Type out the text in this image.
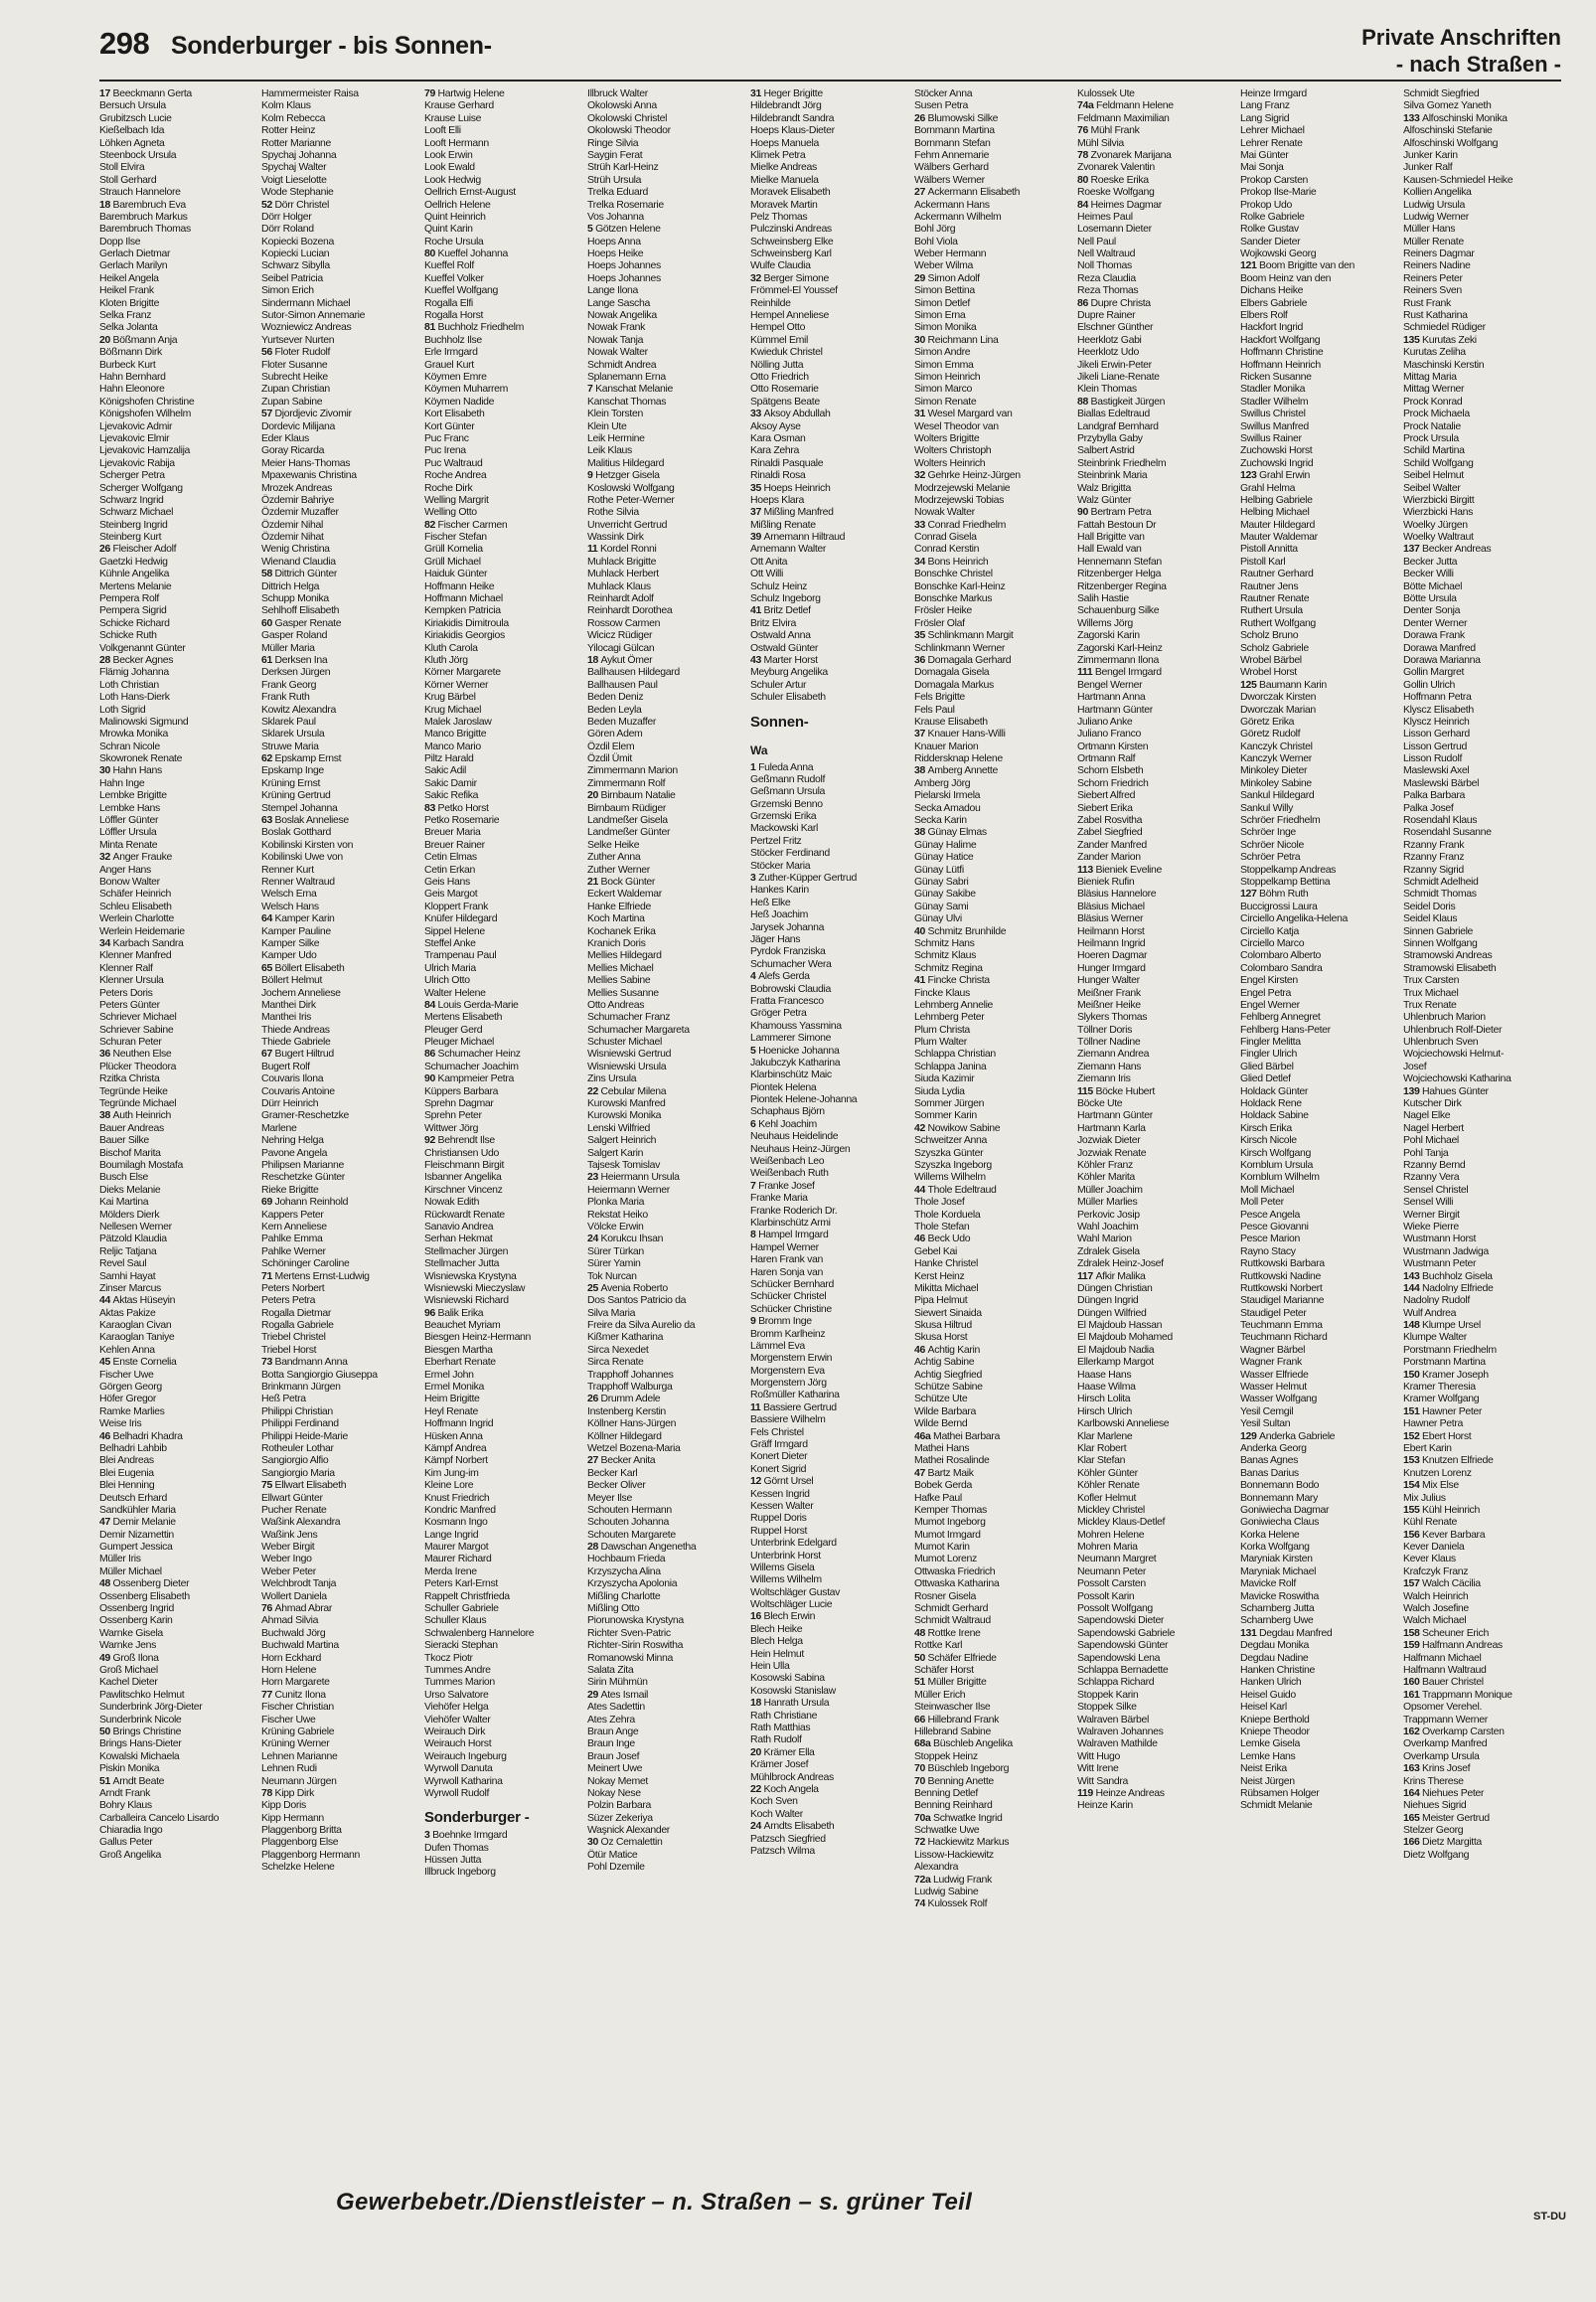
298 Sonderburger - bis Sonnen-	Private Anschriften
- nach Straßen -
17 Beeckmann Gerta
Bersuch Ursula
Grubitzsch Lucie
Kießelbach Ida
Löhken Agneta
Steenbock Ursula
Stoll Elvira
Stoll Gerhard
Strauch Hannelore
18 Barembruch Eva
Barembruch Markus
Barembruch Thomas
Dopp Ilse
Gerlach Dietmar
Gerlach Marilyn
Heikel Angela
Heikel Frank
Kloten Brigitte
Selka Franz
Selka Jolanta
20 Bößmann Anja
Bößmann Dirk
Burbeck Kurt
Hahn Bernhard
Hahn Eleonore
Königshofen Christine
Königshofen Wilhelm
Ljevakovic Admir
Ljevakovic Elmir
Ljevakovic Hamzalija
Ljevakovic Rabija
Scherger Petra
Scherger Wolfgang
Schwarz Ingrid
Schwarz Michael
Steinberg Ingrid
Steinberg Kurt
26 Fleischer Adolf
Gaetzki Hedwig
Kühnle Angelika
Mertens Melanie
Pempera Rolf
Pempera Sigrid
Schicke Richard
Schicke Ruth
Volkgenannt Günter
28 Becker Agnes
Flämig Johanna
Loth Christian
Loth Hans-Dierk
Loth Sigrid
Malinowski Sigmund
Mrowka Monika
Schran Nicole
Skowronek Renate
30 Hahn Hans
Hahn Inge
Lembke Brigitte
Lembke Hans
Löffler Günter
Löffler Ursula
Minta Renate
32 Anger Frauke
Anger Hans
Bonow Walter
Schäfer Heinrich
Schleu Elisabeth
Werlein Charlotte
Werlein Heidemarie
34 Karbach Sandra
Klenner Manfred
Klenner Ralf
Klenner Ursula
Peters Doris
Peters Günter
Schriever Michael
Schriever Sabine
Schuran Peter
36 Neuthen Else
Plücker Theodora
Rzitka Christa
Tegründe Heike
Tegründe Michael
38 Auth Heinrich
Bauer Andreas
Bauer Silke
Bischof Marita
Boumilagh Mostafa
Busch Else
Dieks Melanie
Kai Martina
Mölders Dierk
Nellesen Werner
Pätzold Klaudia
Reljic Tatjana
Revel Saul
Samhi Hayat
Zinser Marcus
44 Aktas Hüseyin
Aktas Pakize
Karaoglan Civan
Karaoglan Taniye
Kehlen Anna
45 Enste Cornelia
Fischer Uwe
Görgen Georg
Höfer Gregor
Ramke Marlies
Weise Iris
46 Belhadri Khadra
Belhadri Lahbib
Blei Andreas
Blei Eugenia
Blei Henning
Deutsch Erhard
Sandkühler Maria
47 Demir Melanie
Demir Nizamettin
Gumpert Jessica
Müller Iris
Müller Michael
48 Ossenberg Dieter
Ossenberg Elisabeth
Ossenberg Ingrid
Ossenberg Karin
Warnke Gisela
Warnke Jens
49 Groß Ilona
Groß Michael
Kachel Dieter
Pawlitschko Helmut
Sunderbrink Jörg-Dieter
Sunderbrink Nicole
50 Brings Christine
Brings Hans-Dieter
Kowalski Michaela
Piskin Monika
51 Arndt Beate
Arndt Frank
Bohry Klaus
Carballeira Cancelo Lisardo
Chiaradia Ingo
Gallus Peter
Groß Angelika
Hammermeister Raisa
Kolm Klaus
Kolm Rebecca
Rotter Heinz
Rotter Marianne
Spychaj Johanna
Spychaj Walter
Voigt Lieselotte
Wode Stephanie
52 Dörr Christel
Dörr Holger
Dörr Roland
Kopiecki Bozena
Kopiecki Lucian
Schwarz Sibylla
Seibel Patricia
Simon Erich
Sindermann Michael
Sutor-Simon Annemarie
Wozniewicz Andreas
Yurtsever Nurten
56 Floter Rudolf
Floter Susanne
Subrecht Heike
Zupan Christian
Zupan Sabine
57 Djordjevic Zivomir
Dordevic Milijana
Eder Klaus
Goray Ricarda
Meier Hans-Thomas
Mpaxewanis Christina
Mrozek Andreas
Özdemir Bahriye
Özdemir Muzaffer
Özdemir Nihal
Özdemir Nihat
Wenig Christina
Wienand Claudia
58 Dittrich Günter
Dittrich Helga
Schupp Monika
Sehlhoff Elisabeth
60 Gasper Renate
Gasper Roland
Müller Maria
61 Derksen Ina
Derksen Jürgen
Frank Georg
Frank Ruth
Kowitz Alexandra
Sklarek Paul
Sklarek Ursula
Struwe Maria
62 Epskamp Ernst
Epskamp Inge
Krüning Ernst
Krüning Gertrud
Stempel Johanna
63 Boslak Anneliese
Boslak Gotthard
Kobilinski Kirsten von
Kobilinski Uwe von
Renner Kurt
Renner Waltraud
Welsch Erna
Welsch Hans
64 Kamper Karin
Kamper Pauline
Kamper Silke
Kamper Udo
65 Böllert Elisabeth
Böllert Helmut
Jochem Anneliese
Manthei Dirk
Manthei Iris
Thiede Andreas
Thiede Gabriele
67 Bugert Hiltrud
Bugert Rolf
Couvaris Ilona
Couvaris Antoine
Dürr Heinrich
Gramer-Reschetzke
Marlene
Nehring Helga
Pavone Angela
Philipsen Marianne
Reschetzke Günter
Rieke Brigitte
69 Johann Reinhold
Kappers Peter
Kern Anneliese
Pahlke Emma
Pahlke Werner
Schöninger Caroline
71 Mertens Ernst-Ludwig
Peters Norbert
Peters Petra
Rogalla Dietmar
Rogalla Gabriele
Triebel Christel
Triebel Horst
73 Bandmann Anna
Botta Sangiorgio Giuseppa
Brinkmann Jürgen
Heß Petra
Philippi Christian
Philippi Ferdinand
Philippi Heide-Marie
Rotheuler Lothar
Sangiorgio Alfio
Sangiorgio Maria
75 Ellwart Elisabeth
Ellwart Günter
Pucher Renate
Waßink Alexandra
Waßink Jens
Weber Birgit
Weber Ingo
Weber Peter
Welchbrodt Tanja
Wollert Daniela
76 Ahmad Abrar
Ahmad Silvia
Buchwald Jörg
Buchwald Martina
Horn Eckhard
Horn Helene
Horn Margarete
77 Cunitz Ilona
Fischer Christian
Fischer Uwe
Krüning Gabriele
Krüning Werner
Lehnen Marianne
Lehnen Rudi
Neumann Jürgen
78 Kipp Dirk
Kipp Doris
Kipp Hermann
Plaggenborg Britta
Plaggenborg Else
Plaggenborg Hermann
Schelzke Helene
79 Hartwig Helene
Krause Gerhard
Krause Luise
Looft Elli
Looft Hermann
Look Erwin
Look Ewald
Look Hedwig
Oellrich Ernst-August
Oellrich Helene
Quint Heinrich
Quint Karin
Roche Ursula
80 Kueffel Johanna
Kueffel Rolf
Kueffel Volker
Kueffel Wolfgang
Rogalla Elfi
Rogalla Horst
81 Buchholz Friedhelm
Buchholz Ilse
Erle Irmgard
Grauel Kurt
Köymen Emre
Köymen Muharrem
Köymen Nadide
Kort Elisabeth
Kort Günter
Puc Franc
Puc Irena
Puc Waltraud
Roche Andrea
Roche Dirk
Welling Margrit
Welling Otto
82 Fischer Carmen
Fischer Stefan
Grüll Kornelia
Grüll Michael
Haiduk Günter
Hoffmann Heike
Hoffmann Michael
Kempken Patricia
Kiriakidis Dimitroula
Kiriakidis Georgios
Kluth Carola
Kluth Jörg
Körner Margarete
Körner Werner
Krug Bärbel
Krug Michael
Malek Jaroslaw
Manco Brigitte
Manco Mario
Piltz Harald
Sakic Adil
Sakic Damir
Sakic Refika
83 Petko Horst
Petko Rosemarie
Breuer Maria
Breuer Rainer
Cetin Elmas
Cetin Erkan
Geis Hans
Geis Margot
Kloppert Frank
Knüfer Hildegard
Sippel Helene
Steffel Anke
Trampenau Paul
Ulrich Maria
Ulrich Otto
Walter Helene
84 Louis Gerda-Marie
Mertens Elisabeth
Pleuger Gerd
Pleuger Michael
86 Schumacher Heinz
Schumacher Joachim
90 Kampmeier Petra
Küppers Barbara
Sprehn Dagmar
Sprehn Peter
Wittwer Jörg
92 Behrendt Ilse
Christiansen Udo
Fleischmann Birgit
Isbanner Angelika
Kirschner Vincenz
Nowak Edith
Rückwardt Renate
Sanavio Andrea
Serhan Hekmat
Stellmacher Jürgen
Stellmacher Jutta
Wisniewska Krystyna
Wisniewski Mieczyslaw
Wisniewski Richard
96 Balik Erika
Beauchet Myriam
Biesgen Heinz-Hermann
Biesgen Martha
Eberhart Renate
Ermel John
Ermel Monika
Heim Brigitte
Heyl Renate
Hoffmann Ingrid
Hüsken Anna
Kämpf Andrea
Kämpf Norbert
Kim Jung-im
Kleine Lore
Knust Friedrich
Kondric Manfred
Kosmann Ingo
Lange Ingrid
Maurer Margot
Maurer Richard
Merda Irene
Peters Karl-Ernst
Rappelt Christfrieda
Schuller Gabriele
Schuller Klaus
Schwalenberg Hannelore
Sieracki Stephan
Tkocz Piotr
Tummes Andre
Tummes Marion
Urso Salvatore
Viehöfer Helga
Viehöfer Walter
Weirauch Dirk
Weirauch Horst
Weirauch Ingeburg
Wyrwoll Danuta
Wyrwoll Katharina
Wyrwoll Rudolf
Sonderburger -
3 Boehnke Irmgard
Dufen Thomas
Hüssen Jutta
Illbruck Ingeborg
Illbruck Walter
Okolowski Anna
Okolowski Christel
Okolowski Theodor
Ringe Silvia
Saygin Ferat
Strüh Karl-Heinz
Strüh Ursula
Trelka Eduard
Trelka Rosemarie
Vos Johanna
5 Götzen Helene
Hoeps Anna
Hoeps Heike
Hoeps Johannes
Hoeps Johannes
Lange Ilona
Lange Sascha
Nowak Angelika
Nowak Frank
Nowak Tanja
Nowak Walter
Schmidt Andrea
Splanemann Erna
7 Kanschat Melanie
Kanschat Thomas
Klein Torsten
Klein Ute
Leik Hermine
Leik Klaus
Malitius Hildegard
9 Hetzger Gisela
Koslowski Wolfgang
Rothe Peter-Werner
Rothe Silvia
Unverricht Gertrud
Wassink Dirk
11 Kordel Ronni
Muhlack Brigitte
Muhlack Herbert
Muhlack Klaus
Reinhardt Adolf
Reinhardt Dorothea
Rossow Carmen
Wicicz Rüdiger
Yilocagi Gülcan
18 Aykut Ömer
Ballhausen Hildegard
Ballhausen Paul
Beden Deniz
Beden Leyla
Beden Muzaffer
Gören Adem
Özdil Elem
Özdil Ümit
Zimmermann Marion
Zimmermann Rolf
20 Birnbaum Natalie
Birnbaum Rüdiger
Landmeßer Gisela
Landmeßer Günter
Selke Heike
Zuther Anna
Zuther Werner
21 Bock Günter
Eckert Waldemar
Hanke Elfriede
Koch Martina
Kochanek Erika
Kranich Doris
Mellies Hildegard
Mellies Michael
Mellies Sabine
Mellies Susanne
Otto Andreas
Schumacher Franz
Schumacher Margareta
Schuster Michael
Wisniewski Gertrud
Wisniewski Ursula
Zins Ursula
22 Cebular Milena
Kurowski Manfred
Kurowski Monika
Lenski Wilfried
Salgert Heinrich
Salgert Karin
Tajsesk Tomislav
23 Heiermann Ursula
Heiermann Werner
Plonka Maria
Rekstat Heiko
Völcke Erwin
24 Korukcu Ihsan
Sürer Türkan
Sürer Yamin
Tok Nurcan
25 Avenia Roberto
Dos Santos Patricio da
Silva Maria
Freire da Silva Aurelio da
Kißmer Katharina
Sirca Nexedet
Sirca Renate
Trapphoff Johannes
Trapphoff Walburga
26 Drumm Adele
Instenberg Kerstin
Köllner Hans-Jürgen
Köllner Hildegard
Wetzel Bozena-Maria
27 Becker Anita
Becker Karl
Becker Oliver
Meyer Ilse
Schouten Hermann
Schouten Johanna
Schouten Margarete
28 Dawschan Angenetha
Hochbaum Frieda
Krzyszycha Alina
Krzyszycha Apolonia
Mißling Charlotte
Mißling Otto
Piorunowska Krystyna
Richter Sven-Patric
Richter-Sirin Roswitha
Romanowski Minna
Salata Zita
Sirin Mühmün
29 Ates Ismail
Ates Sadettin
Ates Zehra
Braun Ange
Braun Inge
Braun Josef
Meinert Uwe
Nokay Memet
Nokay Nese
Polzin Barbara
Süzer Zekeriya
Waşnick Alexander
30 Oz Cemalettin
Ötür Matice
Pohl Dzemile
31 Heger Brigitte
Hildebrandt Jörg
Hildebrandt Sandra
Hoeps Klaus-Dieter
Hoeps Manuela
Klimek Petra
Mielke Andreas
Mielke Manuela
Moravek Elisabeth
Moravek Martin
Pelz Thomas
Pulczinski Andreas
Schweinsberg Elke
Schweinsberg Karl
Wulfe Claudia
32 Berger Simone
Frömmel-El Youssef
Reinhilde
Hempel Anneliese
Hempel Otto
Kümmel Emil
Kwieduk Christel
Nölling Jutta
Otto Friedrich
Otto Rosemarie
Spätgens Beate
33 Aksoy Abdullah
Aksoy Ayse
Kara Osman
Kara Zehra
Rinaldi Pasquale
Rinaldi Rosa
35 Hoeps Heinrich
Hoeps Klara
37 Mißling Manfred
Mißling Renate
39 Arnemann Hiltraud
Arnemann Walter
Ott Anita
Ott Willi
Schulz Heinz
Schulz Ingeborg
41 Britz Detlef
Britz Elvira
Ostwald Anna
Ostwald Günter
43 Marter Horst
Meyburg Angelika
Schuler Artur
Schuler Elisabeth
Sonnen-
Wa
1 Fuleda Anna
Geßmann Rudolf
Geßmann Ursula
Grzemski Benno
Grzemski Erika
Mackowski Karl
Pertzel Fritz
Stöcker Ferdinand
Stöcker Maria
3 Zuther-Küpper Gertrud
Hankes Karin
Heß Elke
Heß Joachim
Jarysek Johanna
Jäger Hans
Pyrdok Franziska
Schumacher Wera
4 Alefs Gerda
Bobrowski Claudia
Fratta Francesco
Gröger Petra
Khamouss Yassmina
Lammerer Simone
5 Hoenicke Johanna
Jakubczyk Katharina
Klarbinschütz Maic
Piontek Helena
Piontek Helene-Johanna
Schaphaus Björn
6 Kehl Joachim
Neuhaus Heidelinde
Neuhaus Heinz-Jürgen
Weißenbach Leo
Weißenbach Ruth
7 Franke Josef
Franke Maria
Franke Roderich Dr.
Klarbinschütz Armi
8 Hampel Irmgard
Hampel Werner
Haren Frank van
Haren Sonja van
Schücker Bernhard
Schücker Christel
Schücker Christine
9 Bromm Inge
Bromm Karlheinz
Lämmel Eva
Morgenstern Erwin
Morgenstern Eva
Morgenstern Jörg
Roßmüller Katharina
11 Bassiere Gertrud
Bassiere Wilhelm
Fels Christel
Gräff Irmgard
Konert Dieter
Konert Sigrid
12 Görnt Ursel
Kessen Ingrid
Kessen Walter
Ruppel Doris
Ruppel Horst
Unterbrink Edelgard
Unterbrink Horst
Willems Gisela
Willems Wilhelm
Woltschläger Gustav
Woltschläger Lucie
16 Blech Erwin
Blech Heike
Blech Helga
Hein Helmut
Hein Ulla
Kosowski Sabina
Kosowski Stanislaw
18 Hanrath Ursula
Rath Christiane
Rath Matthias
Rath Rudolf
20 Krämer Ella
Krämer Josef
Mühlbrock Andreas
22 Koch Angela
Koch Sven
Koch Walter
24 Arndts Elisabeth
Patzsch Siegfried
Patzsch Wilma
Stöcker Anna
Susen Petra
26 Blumowski Silke
Bornmann Martina
Bornmann Stefan
Fehm Annemarie
Wälbers Gerhard
Wälbers Werner
27 Ackermann Elisabeth
Ackermann Hans
Ackermann Wilhelm
Bohl Jörg
Bohl Viola
Weber Hermann
Weber Wilma
29 Simon Adolf
Simon Bettina
Simon Detlef
Simon Erna
Simon Monika
30 Reichmann Lina
Simon Andre
Simon Emma
Simon Heinrich
Simon Marco
Simon Renate
31 Wesel Margard van
Wesel Theodor van
Wolters Brigitte
Wolters Christoph
Wolters Heinrich
32 Gehrke Heinz-Jürgen
Modrzejewski Melanie
Modrzejewski Tobias
Nowak Walter
33 Conrad Friedhelm
Conrad Gisela
Conrad Kerstin
34 Bons Heinrich
Bonschke Christel
Bonschke Karl-Heinz
Bonschke Markus
Frösler Heike
Frösler Olaf
35 Schlinkmann Margit
Schlinkmann Werner
36 Domagala Gerhard
Domagala Gisela
Domagala Markus
Fels Brigitte
Fels Paul
Krause Elisabeth
37 Knauer Hans-Willi
Knauer Marion
Riddersknap Helene
38 Amberg Annette
Amberg Jörg
Pielarski Irmela
Secka Amadou
Secka Karin
38 Günay Elmas
Günay Halime
Günay Hatice
Günay Lütfi
Günay Sabri
Günay Sakibe
Günay Sami
Günay Ulvi
40 Schmitz Brunhilde
Schmitz Hans
Schmitz Klaus
Schmitz Regina
41 Fincke Christa
Fincke Klaus
Lehmberg Annelie
Lehmberg Peter
Plum Christa
Plum Walter
Schlappa Christian
Schlappa Janina
Siuda Kazimir
Siuda Lydia
Sommer Jürgen
Sommer Karin
42 Nowikow Sabine
Schweitzer Anna
Szyszka Günter
Szyszka Ingeborg
Willems Wilhelm
44 Thole Edeltraud
Thole Josef
Thole Korduela
Thole Stefan
46 Beck Udo
Gebel Kai
Hanke Christel
Kerst Heinz
Mikitta Michael
Pipa Helmut
Siewert Sinaida
Skusa Hiltrud
Skusa Horst
46 Achtig Karin
Achtig Sabine
Achtig Siegfried
Schütze Sabine
Schütze Ute
Wilde Barbara
Wilde Bernd
46a Mathei Barbara
Mathei Hans
Mathei Rosalinde
47 Bartz Maik
Bobek Gerda
Hafke Paul
Kemper Thomas
Mumot Ingeborg
Mumot Irmgard
Mumot Karin
Mumot Lorenz
Ottwaska Friedrich
Ottwaska Katharina
Rosner Gisela
Schmidt Gerhard
Schmidt Waltraud
48 Rottke Irene
Rottke Karl
50 Schäfer Elfriede
Schäfer Horst
51 Müller Brigitte
Müller Erich
Steinwascher Ilse
66 Hillebrand Frank
Hillebrand Sabine
68a Büschleb Angelika
Stoppek Heinz
70 Büschleb Ingeborg
70 Benning Anette
Benning Detlef
Benning Reinhard
70a Schwatke Ingrid
Schwatke Uwe
72 Hackiewitz Markus
Lissow-Hackiewitz
Alexandra
72a Ludwig Frank
Ludwig Sabine
74 Kulossek Rolf
Kulossek Ute
74a Feldmann Helene
Feldmann Maximilian
76 Mühl Frank
Mühl Silvia
78 Zvonarek Marijana
Zvonarek Valentin
80 Roeske Erika
Roeske Wolfgang
84 Heimes Dagmar
Heimes Paul
Losemann Dieter
Nell Paul
Nell Waltraud
Noll Thomas
Reza Claudia
Reza Thomas
86 Dupre Christa
Dupre Rainer
Elschner Günther
Heerklotz Gabi
Heerklotz Udo
Jikeli Erwin-Peter
Jikeli Liane-Renate
Klein Thomas
88 Bastigkeit Jürgen
Biallas Edeltraud
Landgraf Bernhard
Przybylla Gaby
Salbert Astrid
Steinbrink Friedhelm
Steinbrink Maria
Walz Brigitta
Walz Günter
90 Bertram Petra
Fattah Bestoun Dr
Hall Brigitte van
Hall Ewald van
Hennemann Stefan
Ritzenberger Helga
Ritzenberger Regina
Salih Hastie
Schauenburg Silke
Willems Jörg
Zagorski Karin
Zagorski Karl-Heinz
Zimmermann Ilona
111 Bengel Irmgard
Bengel Werner
Hartmann Anna
Hartmann Günter
Juliano Anke
Juliano Franco
Ortmann Kirsten
Ortmann Ralf
Schorn Elsbeth
Schorn Friedrich
Siebert Alfred
Siebert Erika
Zabel Rosvitha
Zabel Siegfried
Zander Manfred
Zander Marion
113 Bieniek Eveline
Bieniek Rufin
Bläsius Hannelore
Bläsius Michael
Bläsius Werner
Heilmann Horst
Heilmann Ingrid
Hoeren Dagmar
Hunger Irmgard
Hunger Walter
Meißner Frank
Meißner Heike
Slykers Thomas
Töllner Doris
Töllner Nadine
Ziemann Andrea
Ziemann Hans
Ziemann Iris
115 Böcke Hubert
Böcke Ute
Hartmann Günter
Hartmann Karla
Jozwiak Dieter
Jozwiak Renate
Köhler Franz
Köhler Marita
Müller Joachim
Müller Marlies
Perkovic Josip
Wahl Joachim
Wahl Marion
Zdralek Gisela
Zdralek Heinz-Josef
117 Afkir Malika
Düngen Christian
Düngen Ingrid
Düngen Wilfried
El Majdoub Hassan
El Majdoub Mohamed
El Majdoub Nadia
Ellerkamp Margot
Haase Hans
Haase Wilma
Hirsch Lolita
Hirsch Ulrich
Karlbowski Anneliese
Klar Marlene
Klar Robert
Klar Stefan
Köhler Günter
Köhler Renate
Kofler Helmut
Mickley Christel
Mickley Klaus-Detlef
Mohren Helene
Mohren Maria
Neumann Margret
Neumann Peter
Possolt Carsten
Possolt Karin
Possolt Wolfgang
Sapendowski Dieter
Sapendowski Gabriele
Sapendowski Günter
Sapendowski Lena
Schlappa Bernadette
Schlappa Richard
Stoppek Karin
Stoppek Silke
Walraven Bärbel
Walraven Johannes
Walraven Mathilde
Witt Hugo
Witt Irene
Witt Sandra
119 Heinze Andreas
Heinze Karin
Heinze Irmgard
Lang Franz
Lang Sigrid
Lehrer Michael
Lehrer Renate
Mai Günter
Mai Sonja
Prokop Carsten
Prokop Ilse-Marie
Prokop Udo
Rolke Gabriele
Rolke Gustav
Sander Dieter
Wojkowski Georg
121 Boom Brigitte van den
Boom Heinz van den
Dichans Heike
Elbers Gabriele
Elbers Rolf
Hackfort Ingrid
Hackfort Wolfgang
Hoffmann Christine
Hoffmann Heinrich
Ricken Susanne
Stadler Monika
Stadler Wilhelm
Swillus Christel
Swillus Manfred
Swillus Rainer
Zuchowski Horst
Zuchowski Ingrid
123 Grahl Erwin
Grahl Helma
Helbing Gabriele
Helbing Michael
Mauter Hildegard
Mauter Waldemar
Pistoll Annitta
Pistoll Karl
Rautner Gerhard
Rautner Jens
Rautner Renate
Ruthert Ursula
Ruthert Wolfgang
Scholz Bruno
Scholz Gabriele
Wrobel Bärbel
Wrobel Horst
125 Baumann Karin
Dworczak Kirsten
Dworczak Marian
Göretz Erika
Göretz Rudolf
Kanczyk Christel
Kanczyk Werner
Minkoley Dieter
Minkoley Sabine
Sankul Hildegard
Sankul Willy
Schröer Friedhelm
Schröer Inge
Schröer Nicole
Schröer Petra
Stoppelkamp Andreas
Stoppelkamp Bettina
127 Böhm Ruth
Buccigrossi Laura
Circiello Angelika-Helena
Circiello Katja
Circiello Marco
Colombaro Alberto
Colombaro Sandra
Engel Kirsten
Engel Petra
Engel Werner
Fehlberg Annegret
Fehlberg Hans-Peter
Fingler Melitta
Fingler Ulrich
Glied Bärbel
Glied Detlef
Holdack Günter
Holdack Rene
Holdack Sabine
Kirsch Erika
Kirsch Nicole
Kirsch Wolfgang
Kornblum Ursula
Kornblum Wilhelm
Moll Michael
Moll Peter
Pesce Angela
Pesce Giovanni
Pesce Marion
Rayno Stacy
Ruttkowski Barbara
Ruttkowski Nadine
Ruttkowski Norbert
Staudigel Marianne
Staudigel Peter
Teuchmann Emma
Teuchmann Richard
Wagner Bärbel
Wagner Frank
Wasser Elfriede
Wasser Helmut
Wasser Wolfgang
Yesil Cemgil
Yesil Sultan
129 Anderka Gabriele
Anderka Georg
Banas Agnes
Banas Darius
Bonnemann Bodo
Bonnemann Mary
Goniwiecha Dagmar
Goniwiecha Claus
Korka Helene
Korka Wolfgang
Maryniak Kirsten
Maryniak Michael
Mavicke Rolf
Mavicke Roswitha
Scharnberg Jutta
Scharnberg Uwe
131 Degdau Manfred
Degdau Monika
Degdau Nadine
Hanken Christine
Hanken Ulrich
Heisel Guido
Heisel Karl
Kniepe Berthold
Kniepe Theodor
Lemke Gisela
Lemke Hans
Neist Erika
Neist Jürgen
Rübsamen Holger
Schmidt Melanie
Schmidt Siegfried
Silva Gomez Yaneth
133 Alfoschinski Monika
Alfoschinski Stefanie
Alfoschinski Wolfgang
Junker Karin
Junker Ralf
Kausen-Schmiedel Heike
Kollien Angelika
Ludwig Ursula
Ludwig Werner
Müller Hans
Müller Renate
Reiners Dagmar
Reiners Nadine
Reiners Peter
Reiners Sven
Rust Frank
Rust Katharina
Schmiedel Rüdiger
135 Kurutas Zeki
Kurutas Zeliha
Maschinski Kerstin
Mittag Maria
Mittag Werner
Prock Konrad
Prock Michaela
Prock Natalie
Prock Ursula
Schild Martina
Schild Wolfgang
Seibel Helmut
Seibel Walter
Wierzbicki Birgitt
Wierzbicki Hans
Woelky Jürgen
Woelky Waltraut
137 Becker Andreas
Becker Jutta
Becker Willi
Bötte Michael
Bötte Ursula
Denter Sonja
Denter Werner
Dorawa Frank
Dorawa Manfred
Dorawa Marianna
Gollin Margret
Gollin Ulrich
Hoffmann Petra
Klyscz Elisabeth
Klyscz Heinrich
Lisson Gerhard
Lisson Gertrud
Lisson Rudolf
Maslewski Axel
Maslewski Bärbel
Palka Barbara
Palka Josef
Rosendahl Klaus
Rosendahl Susanne
Rzanny Frank
Rzanny Franz
Rzanny Sigrid
Schmidt Adelheid
Schmidt Thomas
Seidel Doris
Seidel Klaus
Sinnen Gabriele
Sinnen Wolfgang
Stramowski Andreas
Stramowski Elisabeth
Trux Carsten
Trux Michael
Trux Renate
Uhlenbruch Marion
Uhlenbruch Rolf-Dieter
Uhlenbruch Sven
Wojciechowski Helmut-
Josef
Wojciechowski Katharina
139 Hahues Günter
Kutscher Dirk
Nagel Elke
Nagel Herbert
Pohl Michael
Pohl Tanja
Rzanny Bernd
Rzanny Vera
Sensel Christel
Sensel Willi
Werner Birgit
Wieke Pierre
Wustmann Horst
Wustmann Jadwiga
Wustmann Peter
143 Buchholz Gisela
144 Nadolny Elfriede
Nadolny Rudolf
Wulf Andrea
148 Klumpe Ursel
Klumpe Walter
Porstmann Friedhelm
Porstmann Martina
150 Kramer Joseph
Kramer Theresia
Kramer Wolfgang
151 Hawner Peter
Hawner Petra
152 Ebert Horst
Ebert Karin
153 Knutzen Elfriede
Knutzen Lorenz
154 Mix Else
Mix Julius
155 Kühl Heinrich
Kühl Renate
156 Kever Barbara
Kever Daniela
Kever Klaus
Krafczyk Franz
157 Walch Cäcilia
Walch Heinrich
Walch Josefine
Walch Michael
158 Scheuner Erich
159 Halfmann Andreas
Halfmann Michael
Halfmann Waltraud
160 Bauer Christel
161 Trappmann Monique
Opsomer Verehel.
Trappmann Werner
162 Overkamp Carsten
Overkamp Manfred
Overkamp Ursula
163 Krins Josef
Krins Therese
164 Niehues Peter
Niehues Sigrid
165 Meister Gertrud
Stelzer Georg
166 Dietz Margitta
Dietz Wolfgang
Gewerbebetr./Dienstleister – n. Straßen – s. grüner Teil
ST-DU
